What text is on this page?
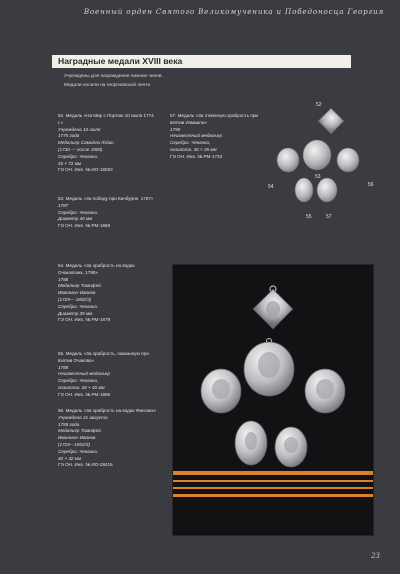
Военный орден Святого Великомученика и Победоносца Георгия
Наградные медали XVIII века
Учреждены для награждения нижних чинов.
Медали носили на георгиевской ленте.
52. Медаль «На Мир с Портою 10 июля 1774 г.»
Учреждена 10 июля
1775 года
Медальер Самойло Юдин
(1730 — после 1800)
Серебро. Чеканка.
45 × 72 мм
ГЭ ОН. Инв. № ИО-16003
53. Медаль «За победу при Кинбурне, 1787»
1787
Серебро. Чеканка.
Диаметр 40 мм
ГЭ ОН. Инв. № РМ-1669
54. Медаль «За храбрость на водах Очаковских, 1788»
1788
Медальер Тимофей
Иванович Иванов
(1729— 1802/3)
Серебро. Чеканка.
Диаметр 39 мм
ГЭ ОН. Инв. № РМ-1679
55. Медаль «За храбрость, оказанную при взятии Очакова»
1788
Неизвестный медальер
Серебро. Чеканка,
позолота. 28 × 40 мм
ГЭ ОН. Инв. № РМ-1695
56. Медаль «За храбрость на водах Финских»
Учреждена 21 августа
1789 года
Медальер Тимофей
Иванович Иванов
(1729—1802/3)
Серебро. Чеканка.
40 × 42 мм
ГЭ ОН. Инв. № ИО-28415
57. Медаль «За отменную храбрость при взятии Измаила»
1790
Неизвестный медальер
Серебро. Чеканка,
позолота. 30 × 35 мм
ГЭ ОН. Инв. № РМ-1733
52
53
54
55
56
57
23
